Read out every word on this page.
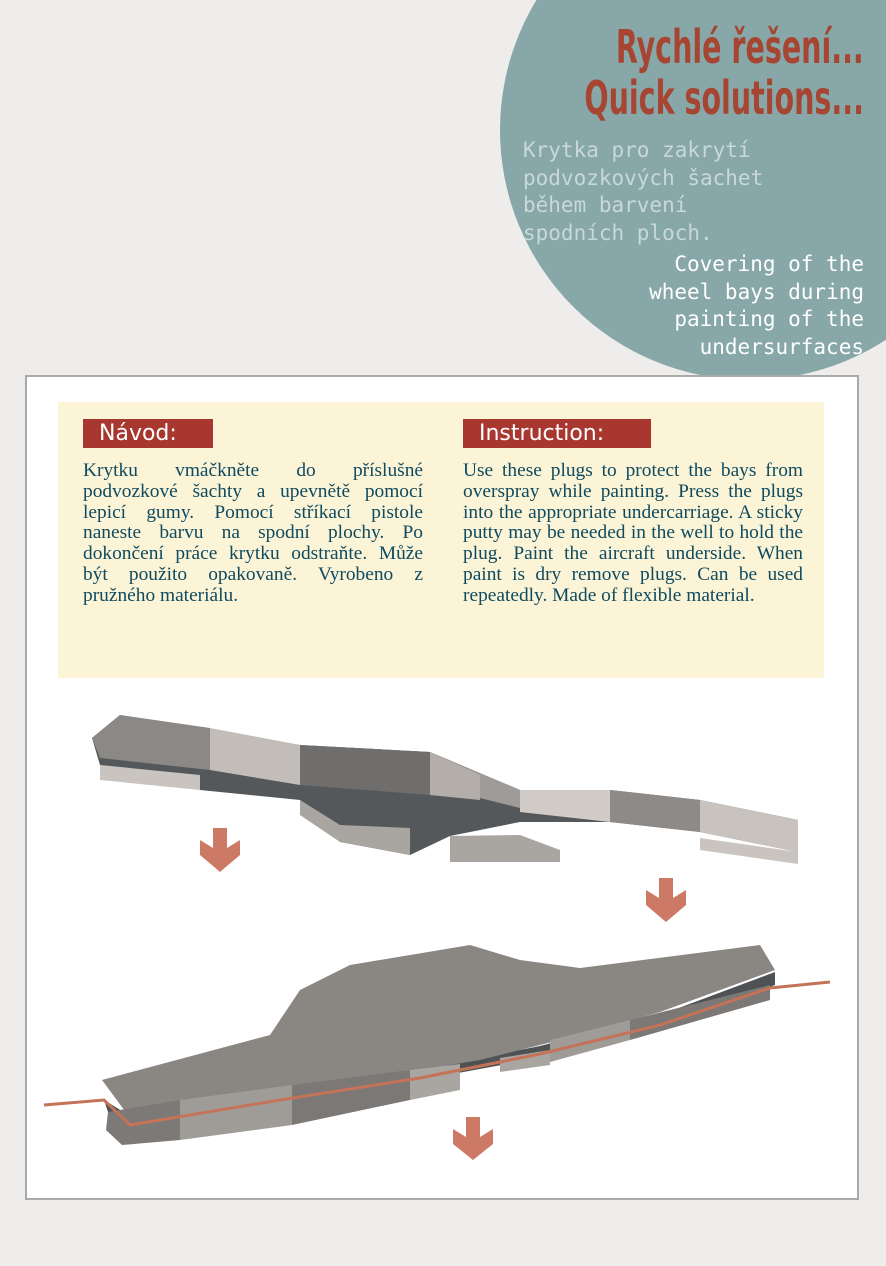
Rychlé řešení...
Quick solutions...

Krytka pro zakrytí
podvozkových šachet
během barvení
spodních ploch.

Covering of the
wheel bays during
painting of the
undersurfaces

Návod:	Instruction:

Krytku vmáčkněte do příslušné podvozkové šachty a upevnětě pomocí lepicí gumy. Pomocí stříkací pistole naneste barvu na spodní plochy. Po dokončení práce krytku odstraňte. Může být použito opakovaně. Vyrobeno z pružného materiálu.

Use these plugs to protect the bays from overspray while painting. Press the plugs into the appropriate undercarriage. A sticky putty may be needed in the well to hold the plug. Paint the aircraft underside. When paint is dry remove plugs. Can be used repeatedly. Made of flexible material.
